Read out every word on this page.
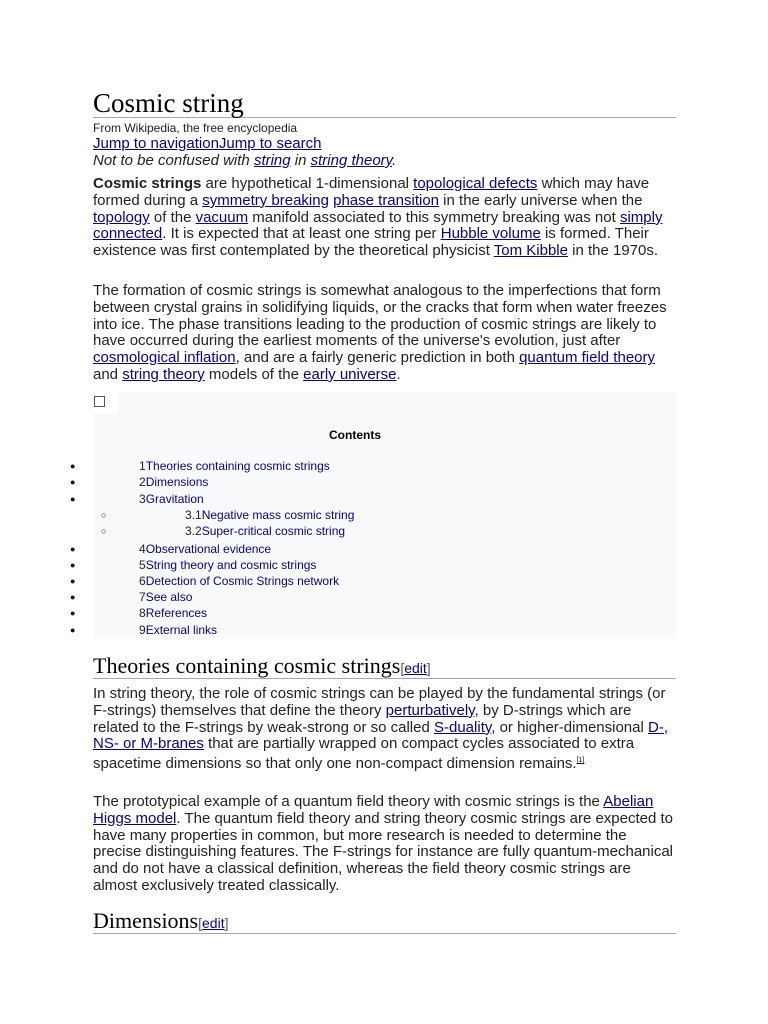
Cosmic string
From Wikipedia, the free encyclopedia
Jump to navigationJump to search
Not to be confused with string in string theory.

Cosmic strings are hypothetical 1-dimensional topological defects which may have formed during a symmetry breaking phase transition in the early universe when the topology of the vacuum manifold associated to this symmetry breaking was not simply connected. It is expected that at least one string per Hubble volume is formed. Their existence was first contemplated by the theoretical physicist Tom Kibble in the 1970s.

The formation of cosmic strings is somewhat analogous to the imperfections that form between crystal grains in solidifying liquids, or the cracks that form when water freezes into ice. The phase transitions leading to the production of cosmic strings are likely to have occurred during the earliest moments of the universe's evolution, just after cosmological inflation, and are a fairly generic prediction in both quantum field theory and string theory models of the early universe.

Theories containing cosmic strings[edit]

In string theory, the role of cosmic strings can be played by the fundamental strings (or F-strings) themselves that define the theory perturbatively, by D-strings which are related to the F-strings by weak-strong or so called S-duality, or higher-dimensional D-, NS- or M-branes that are partially wrapped on compact cycles associated to extra spacetime dimensions so that only one non-compact dimension remains.[1]

The prototypical example of a quantum field theory with cosmic strings is the Abelian Higgs model. The quantum field theory and string theory cosmic strings are expected to have many properties in common, but more research is needed to determine the precise distinguishing features. The F-strings for instance are fully quantum-mechanical and do not have a classical definition, whereas the field theory cosmic strings are almost exclusively treated classically.

Dimensions[edit]
Contents
●	1Theories containing cosmic strings
●	2Dimensions
●	3Gravitation
○	3.1Negative mass cosmic string
○	3.2Super-critical cosmic string
●	4Observational evidence
●	5String theory and cosmic strings
●	6Detection of Cosmic Strings network
●	7See also
●	8References
●	9External links
